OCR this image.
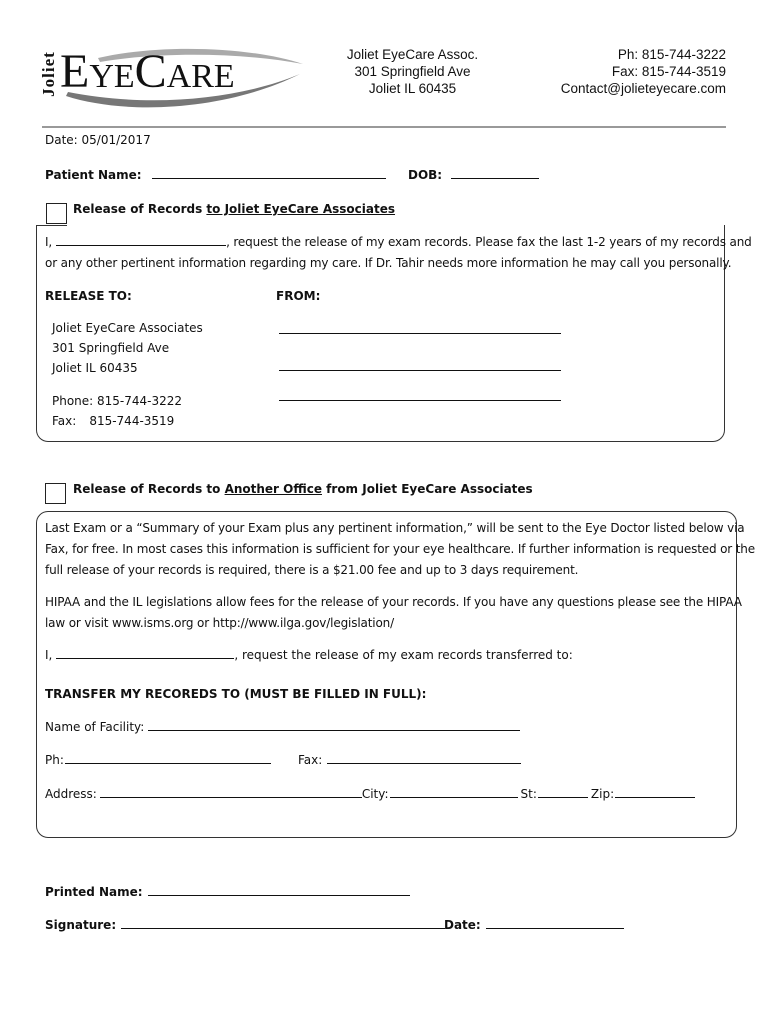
Joliet EyeCare	Joliet EyeCare Assoc.
301 Springfield Ave
Joliet IL 60435
Ph: 815-744-3222
Fax: 815-744-3519
Contact@jolieteyecare.com
Date: 05/01/2017
Patient Name:	DOB:
Release of Records to Joliet EyeCare Associates
I,	, request the release of my exam records. Please fax the last 1-2 years of my records and
or any other pertinent information regarding my care. If Dr. Tahir needs more information he may call you personally.
RELEASE TO:	FROM:
Joliet EyeCare Associates
301 Springfield Ave
Joliet IL 60435
Phone: 815-744-3222
Fax: 815-744-3519
Release of Records to Another Office from Joliet EyeCare Associates
Last Exam or a “Summary of your Exam plus any pertinent information,” will be sent to the Eye Doctor listed below via
Fax, for free. In most cases this information is sufficient for your eye healthcare. If further information is requested or the
full release of your records is required, there is a $21.00 fee and up to 3 days requirement.
HIPAA and the IL legislations allow fees for the release of your records. If you have any questions please see the HIPAA
law or visit www.isms.org or http://www.ilga.gov/legislation/
I,	, request the release of my exam records transferred to:
TRANSFER MY RECOREDS TO (MUST BE FILLED IN FULL):
Name of Facility:
Ph:	Fax:
Address:	City:	St:	Zip:
Printed Name:
Signature:	Date:
